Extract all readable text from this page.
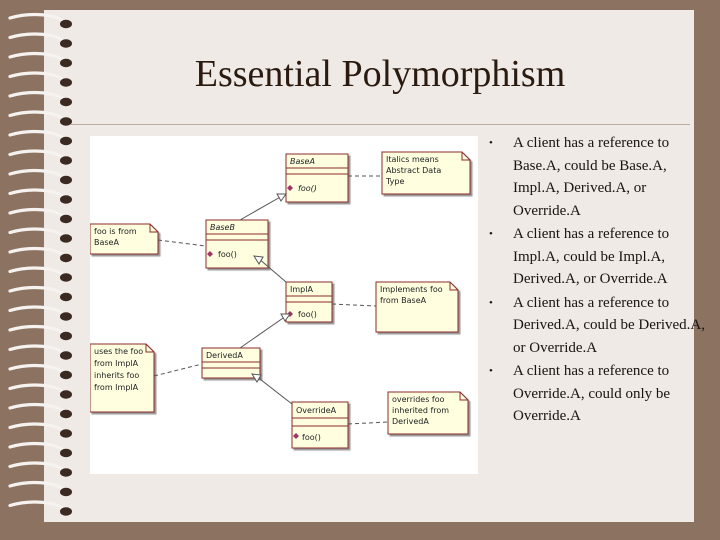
Essential Polymorphism
BaseA
foo()
Italics means
Abstract Data
Type
BaseB
foo()
foo is from
BaseA
ImplA
foo()
Implements foo
from BaseA
DerivedA
uses the foo
from ImplA
inherits foo
from ImplA
OverrideA
foo()
overrides foo
inherited from
DerivedA
• A client has a reference to Base.A, could be Base.A, Impl.A, Derived.A, or Override.A
• A client has a reference to Impl.A, could be Impl.A, Derived.A, or Override.A
• A client has a reference to Derived.A, could be Derived.A, or Override.A
• A client has a reference to Override.A, could only be Override.A
